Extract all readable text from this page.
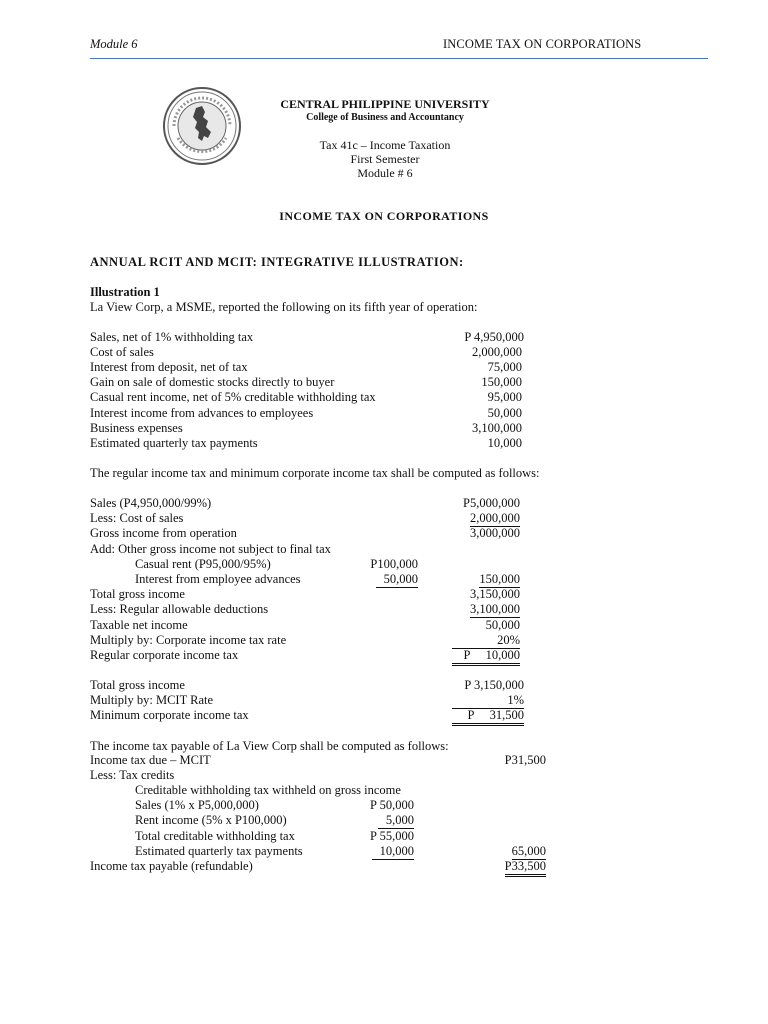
Module 6	INCOME TAX ON CORPORATIONS
CENTRAL PHILIPPINE UNIVERSITY
College of Business and Accountancy
Tax 41c – Income Taxation
First Semester
Module # 6
INCOME TAX ON CORPORATIONS
ANNUAL RCIT AND MCIT: INTEGRATIVE ILLUSTRATION:
Illustration 1
La View Corp, a MSME, reported the following on its fifth year of operation:
Sales, net of 1% withholding tax	P 4,950,000
Cost of sales	2,000,000
Interest from deposit, net of tax	75,000
Gain on sale of domestic stocks directly to buyer	150,000
Casual rent income, net of 5% creditable withholding tax	95,000
Interest income from advances to employees	50,000
Business expenses	3,100,000
Estimated quarterly tax payments	10,000
The regular income tax and minimum corporate income tax shall be computed as follows:
Sales (P4,950,000/99%)	P5,000,000
Less: Cost of sales	2,000,000
Gross income from operation	3,000,000
Add: Other gross income not subject to final tax
Casual rent (P95,000/95%)	P100,000
Interest from employee advances	50,000	150,000
Total gross income	3,150,000
Less: Regular allowable deductions	3,100,000
Taxable net income	50,000
Multiply by: Corporate income tax rate	20%
Regular corporate income tax	P     10,000
Total gross income	P 3,150,000
Multiply by: MCIT Rate	1%
Minimum corporate income tax	P     31,500
The income tax payable of La View Corp shall be computed as follows:
Income tax due – MCIT	P31,500
Less: Tax credits
Creditable withholding tax withheld on gross income
Sales (1% x P5,000,000)	P 50,000
Rent income (5% x P100,000)	5,000
Total creditable withholding tax	P 55,000
Estimated quarterly tax payments	10,000	65,000
Income tax payable (refundable)	P33,500
